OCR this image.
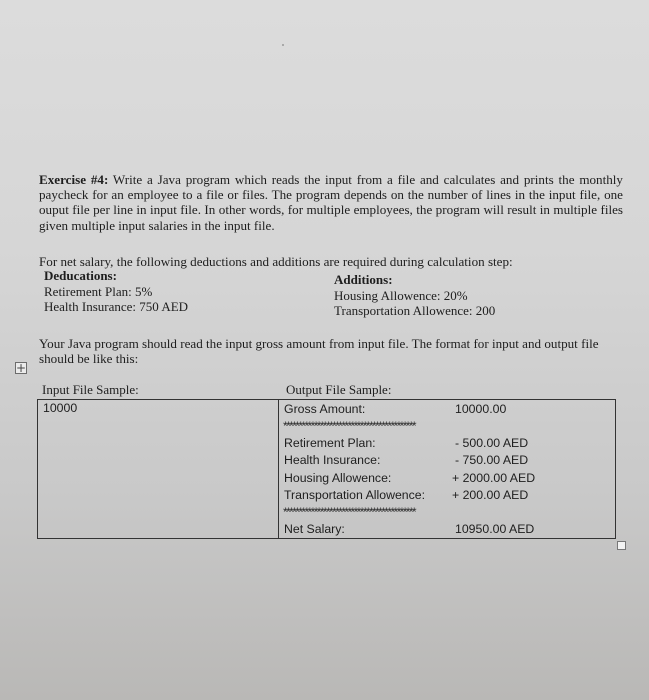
Exercise #4: Write a Java program which reads the input from a file and calculates and prints the monthly paycheck for an employee to a file or files. The program depends on the number of lines in the input file, one ouput file per line in input file. In other words, for multiple employees, the program will result in multiple files given multiple input salaries in the input file.
For net salary, the following deductions and additions are required during calculation step:
Deducations:
Retirement Plan: 5%
Health Insurance: 750 AED
Additions:
Housing Allowence: 20%
Transportation Allowence: 200
Your Java program should read the input gross amount from input file. The format for input and output file should be like this:
+
Input File Sample:	Output File Sample:
10000	Gross Amount:	10000.00
*******************************************
Retirement Plan:	- 500.00 AED
Health Insurance:	- 750.00 AED
Housing Allowence:	+ 2000.00 AED
Transportation Allowence: + 200.00 AED
*******************************************
Net Salary:	10950.00 AED
